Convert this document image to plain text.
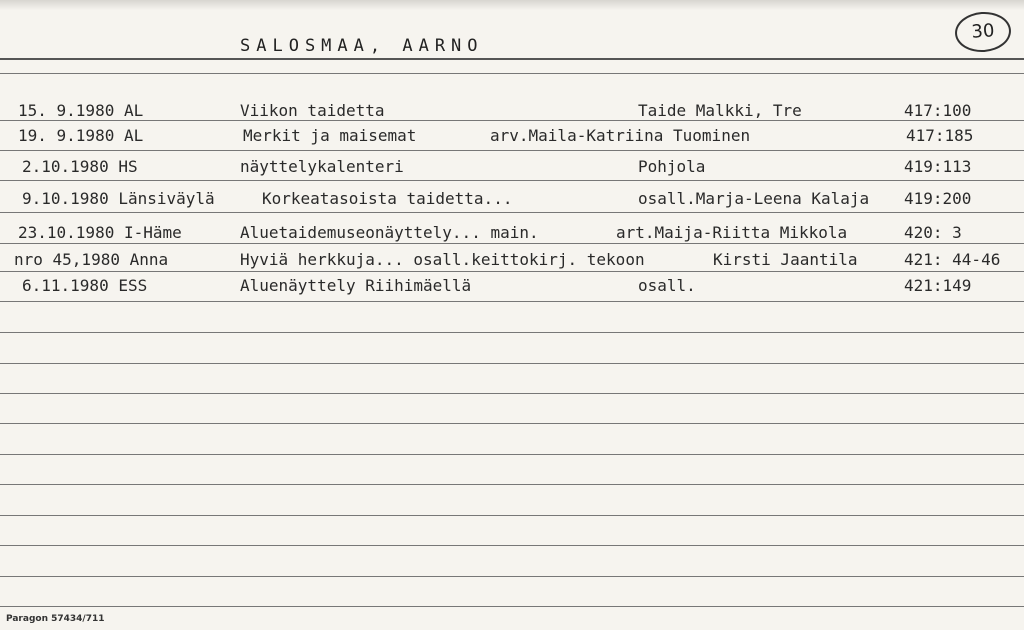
SALOSMAA, AARNO
30
15. 9.1980 AL	Viikon taidetta	Taide Malkki, Tre	417:100
19. 9.1980 AL	Merkit ja maisemat	arv.Maila-Katriina Tuominen	417:185
2.10.1980 HS	näyttelykalenteri	Pohjola	419:113
9.10.1980 Länsiväylä	Korkeatasoista taidetta...	osall.Marja-Leena Kalaja 419:200
23.10.1980 I-Häme	Aluetaidemuseonäyttely... main.	art.Maija-Riitta Mikkola	420: 3
nro 45,1980 Anna	Hyviä herkkuja... osall.keittokirj. tekoon	Kirsti Jaantila	421: 44-46
6.11.1980 ESS	Aluenäyttely Riihimäellä	osall.	421:149
Paragon 57434/711
